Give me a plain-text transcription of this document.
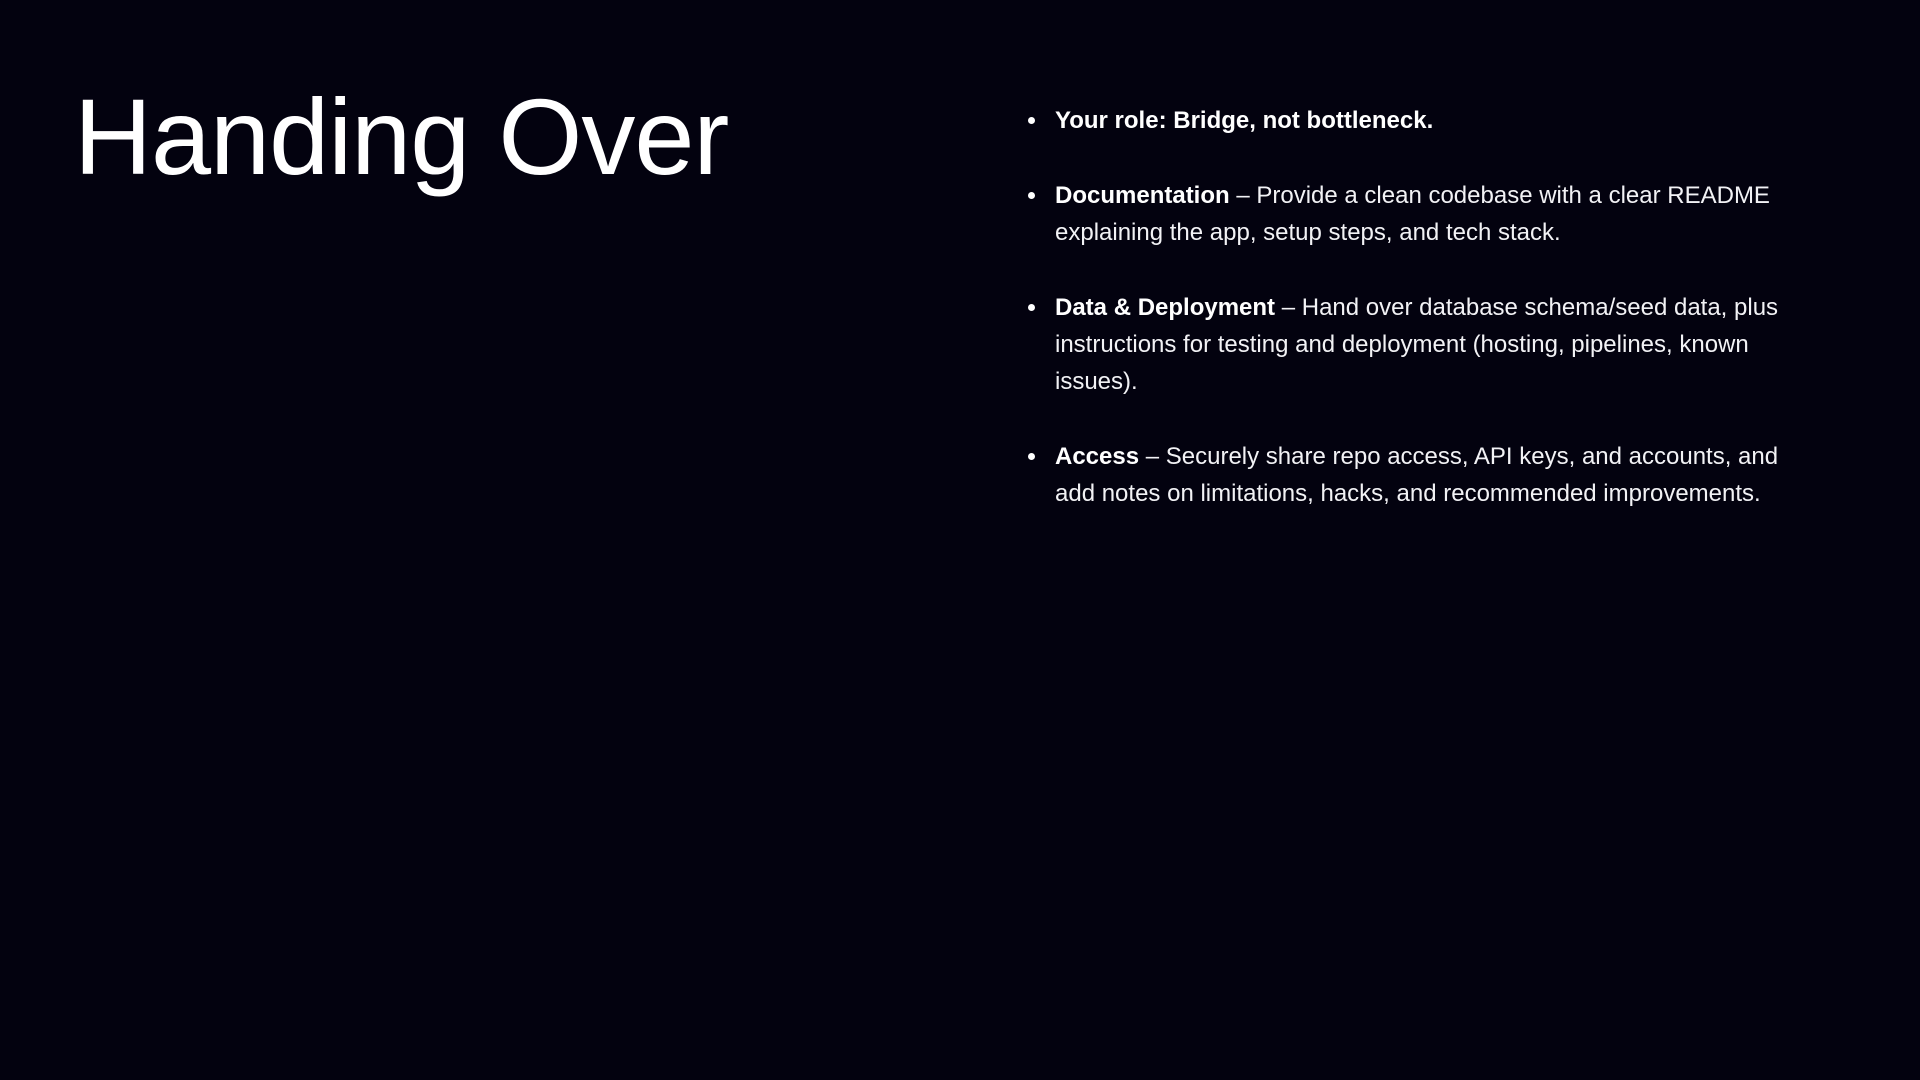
Handing Over	Your role: Bridge, not bottleneck.
Documentation – Provide a clean codebase with a clear README explaining the app, setup steps, and tech stack.
Data & Deployment – Hand over database schema/seed data, plus instructions for testing and deployment (hosting, pipelines, known issues).
Access – Securely share repo access, API keys, and accounts, and add notes on limitations, hacks, and recommended improvements.
